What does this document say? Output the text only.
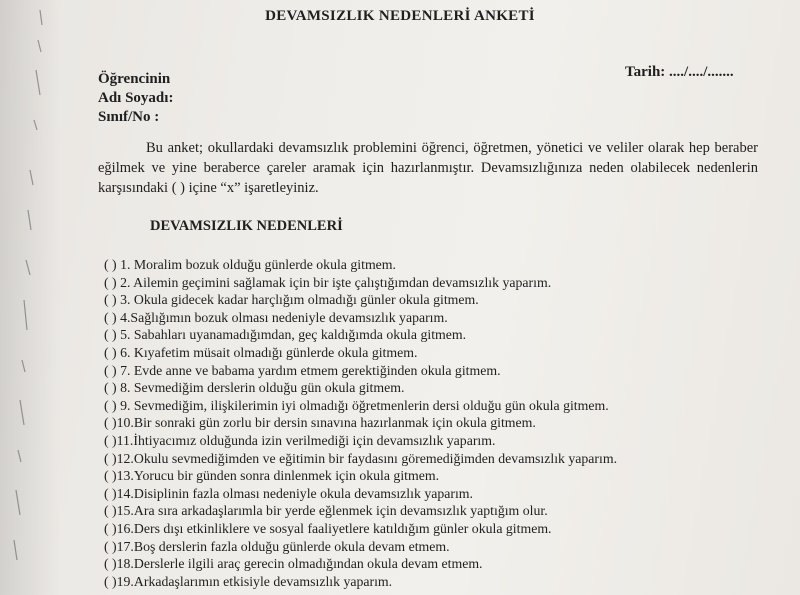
DEVAMSIZLIK NEDENLERİ ANKETİ
Öğrencinin
Adı Soyadı:
Sınıf/No :
Tarih: ..../..../.......
Bu anket; okullardaki devamsızlık problemini öğrenci, öğretmen, yönetici ve veliler olarak hep beraber eğilmek ve yine beraberce çareler aramak için hazırlanmıştır. Devamsızlığınıza neden olabilecek nedenlerin karşısındaki ( ) içine “x” işaretleyiniz.
DEVAMSIZLIK NEDENLERİ
( ) 1. Moralim bozuk olduğu günlerde okula gitmem.
( ) 2. Ailemin geçimini sağlamak için bir işte çalıştığımdan devamsızlık yaparım.
( ) 3. Okula gidecek kadar harçlığım olmadığı günler okula gitmem.
( ) 4.Sağlığımın bozuk olması nedeniyle devamsızlık yaparım.
( ) 5. Sabahları uyanamadığımdan, geç kaldığımda okula gitmem.
( ) 6. Kıyafetim müsait olmadığı günlerde okula gitmem.
( ) 7. Evde anne ve babama yardım etmem gerektiğinden okula gitmem.
( ) 8. Sevmediğim derslerin olduğu gün okula gitmem.
( ) 9. Sevmediğim, ilişkilerimin iyi olmadığı öğretmenlerin dersi olduğu gün okula gitmem.
( )10.Bir sonraki gün zorlu bir dersin sınavına hazırlanmak için okula gitmem.
( )11.İhtiyacımız olduğunda izin verilmediği için devamsızlık yaparım.
( )12.Okulu sevmediğimden ve eğitimin bir faydasını göremediğimden devamsızlık yaparım.
( )13.Yorucu bir günden sonra dinlenmek için okula gitmem.
( )14.Disiplinin fazla olması nedeniyle okula devamsızlık yaparım.
( )15.Ara sıra arkadaşlarımla bir yerde eğlenmek için devamsızlık yaptığım olur.
( )16.Ders dışı etkinliklere ve sosyal faaliyetlere katıldığım günler okula gitmem.
( )17.Boş derslerin fazla olduğu günlerde okula devam etmem.
( )18.Derslerle ilgili araç gerecin olmadığından okula devam etmem.
( )19.Arkadaşlarımın etkisiyle devamsızlık yaparım.
